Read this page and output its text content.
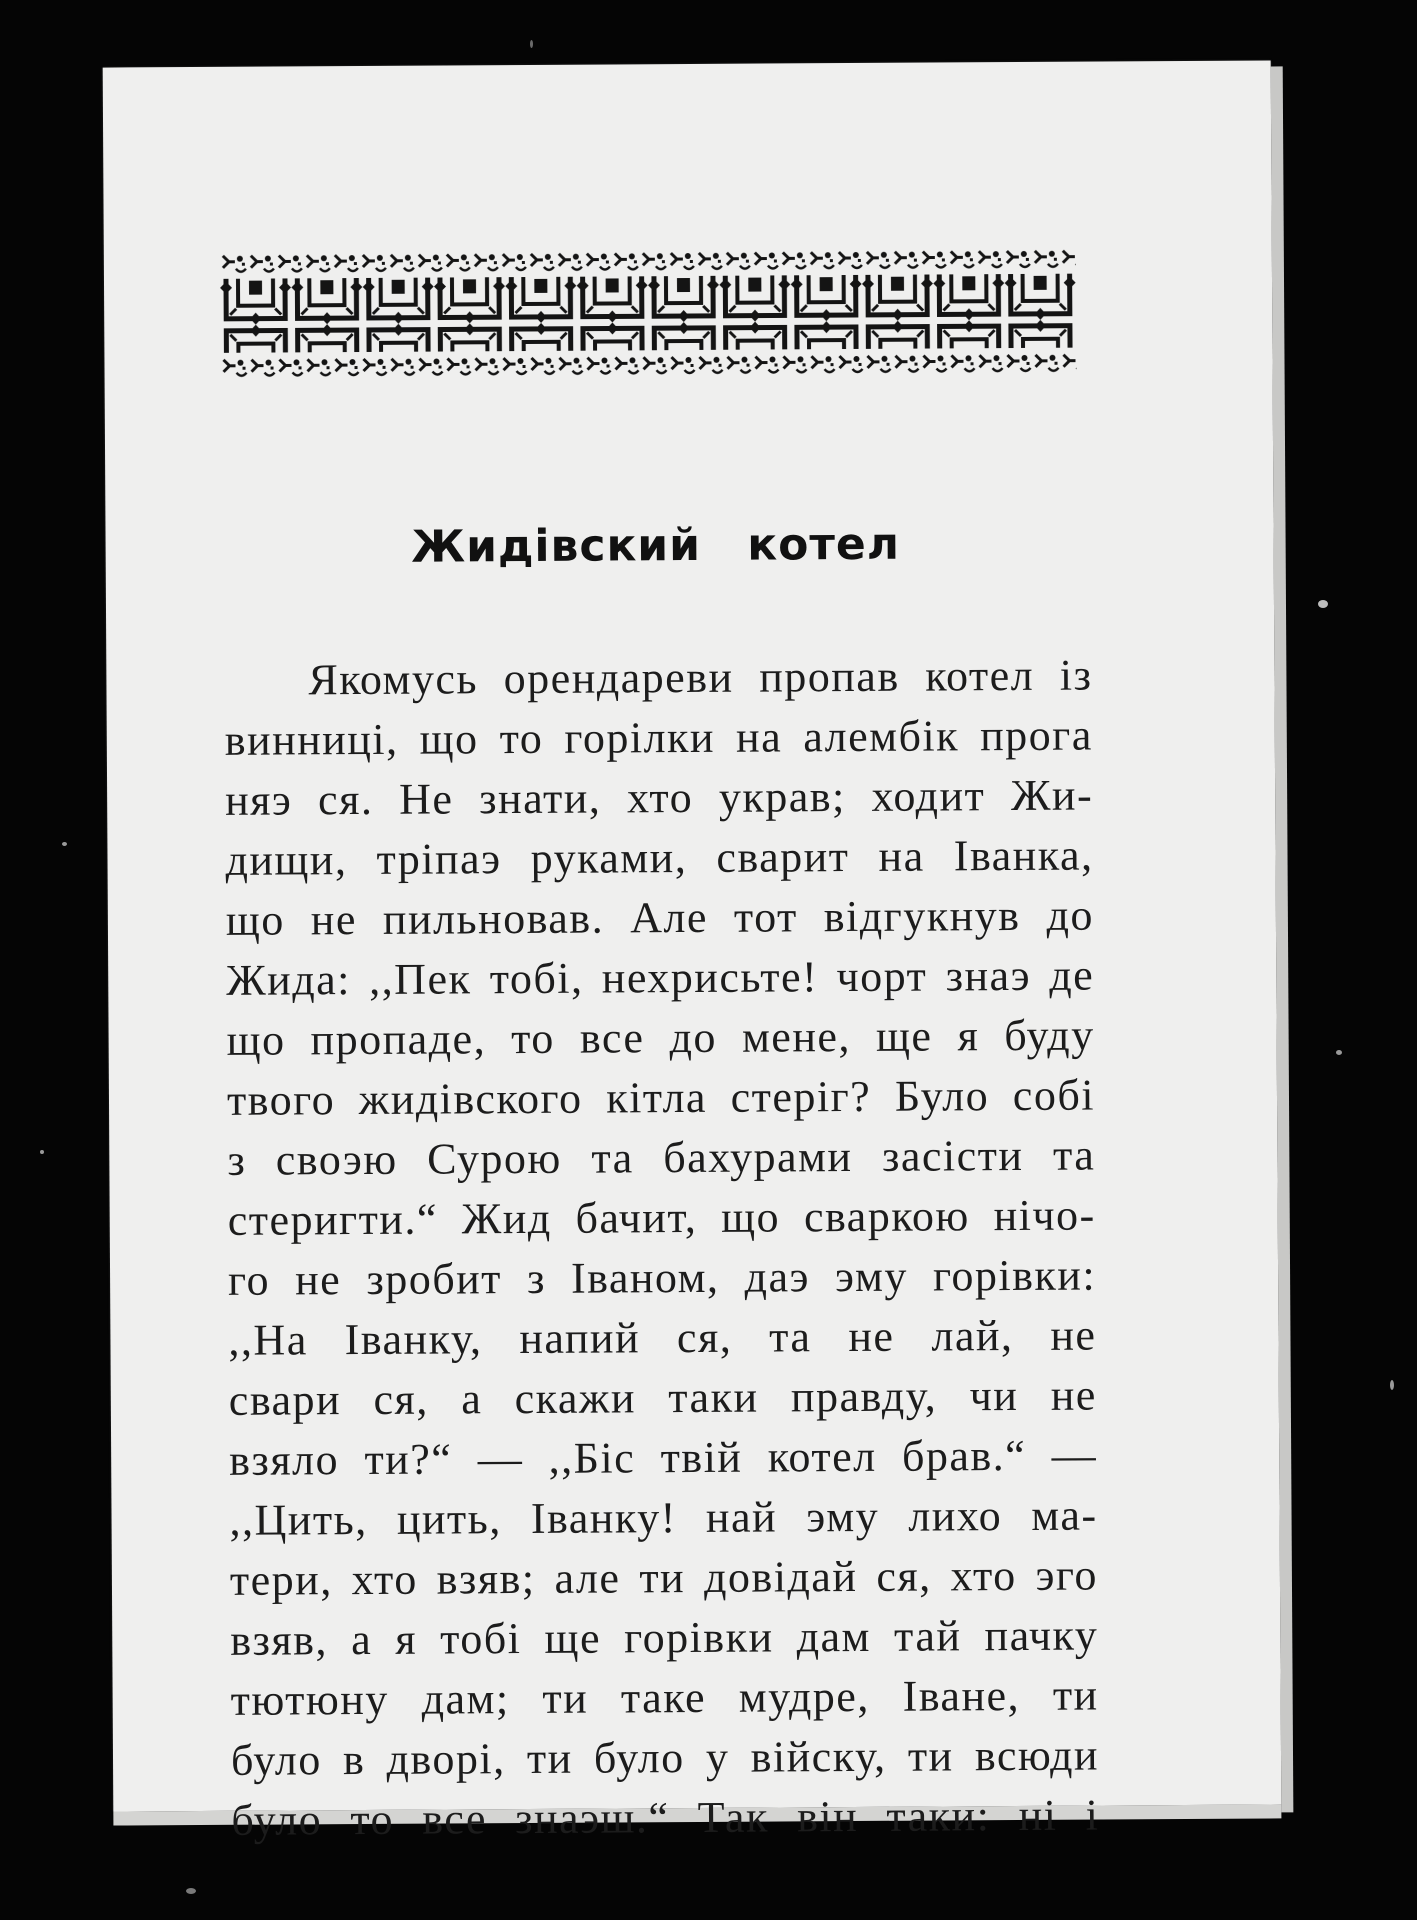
Жидівский котел
Якомусь орендареви пропав котел із
винниці, що то горілки на алембік прога
няэ ся. Не знати, хто украв; ходит Жи-
дищи, тріпаэ руками, сварит на Іванка,
що не пильновав. Але тот відгукнув до
Жида: ,,Пек тобі, нехрисьте! чорт знаэ де
що пропаде, то все до мене, ще я буду
твого жидівского кітла стеріг? Було собі
з своэю Сурою та бахурами засісти та
стеригти.“ Жид бачит, що сваркою нічо-
го не зробит з Іваном, даэ эму горівки:
,,На Іванку, напий ся, та не лай, не
свари ся, а скажи таки правду, чи не
взяло ти?“ — ,,Біс твій котел брав.“ —
,,Цить, цить, Іванку! най эму лихо ма-
тери, хто взяв; але ти довідай ся, хто эго
взяв, а я тобі ще горівки дам тай пачку
тютюну дам; ти таке мудре, Іване, ти
було в дворі, ти було у війску, ти всюди
було то все знаэш.“ Так він таки: ні і
